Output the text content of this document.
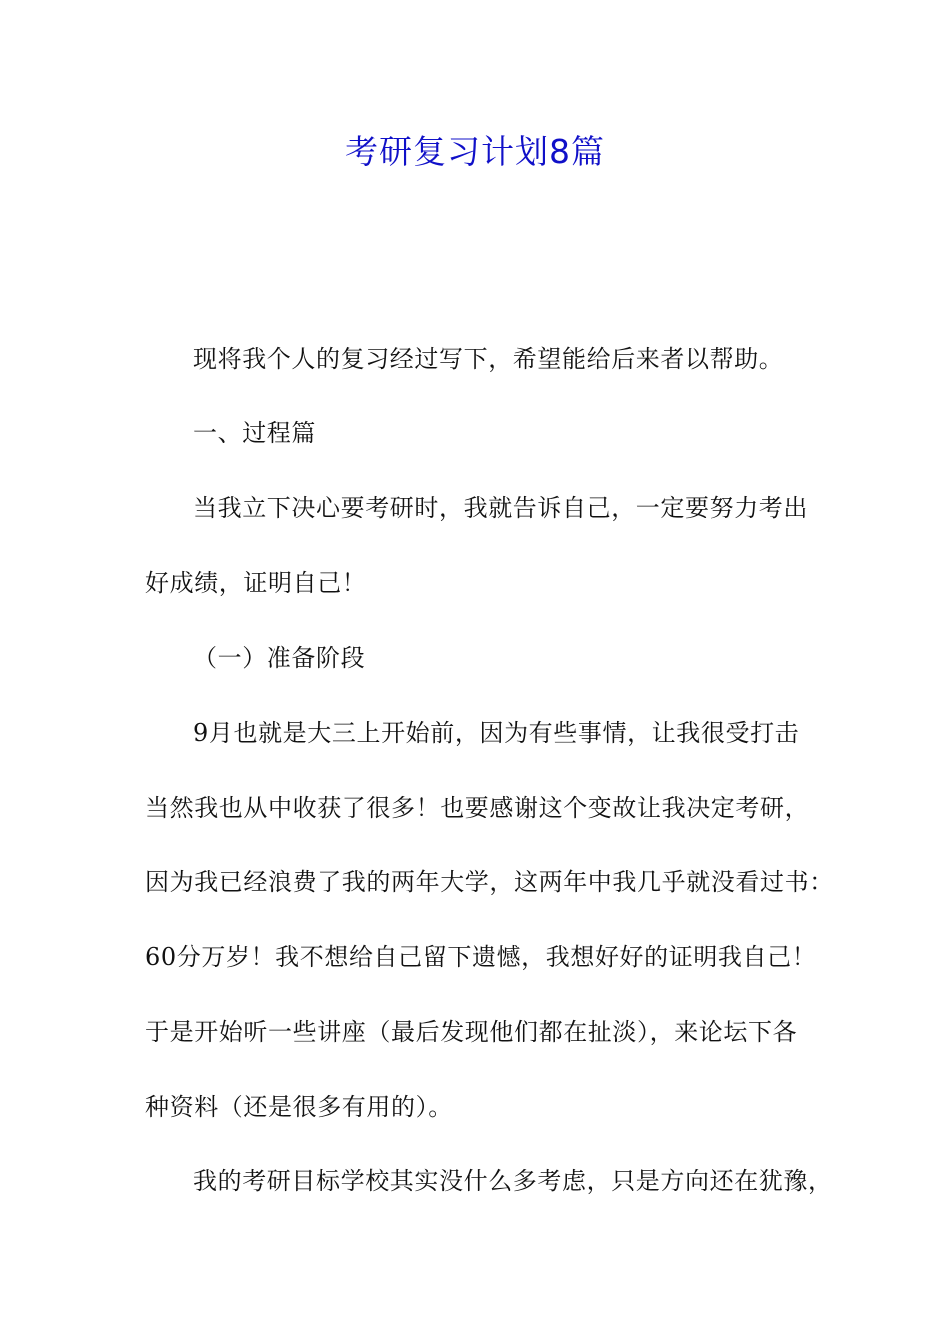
考研复习计划8篇
现将我个人的复习经过写下，希望能给后来者以帮助。
一、过程篇
当我立下决心要考研时，我就告诉自己，一定要努力考出
好成绩，证明自己！
（一）准备阶段
9月也就是大三上开始前，因为有些事情，让我很受打击
当然我也从中收获了很多！也要感谢这个变故让我决定考研，
因为我已经浪费了我的两年大学，这两年中我几乎就没看过书：
60分万岁！我不想给自己留下遗憾，我想好好的证明我自己！
于是开始听一些讲座（最后发现他们都在扯淡），来论坛下各
种资料（还是很多有用的）。
我的考研目标学校其实没什么多考虑，只是方向还在犹豫，
